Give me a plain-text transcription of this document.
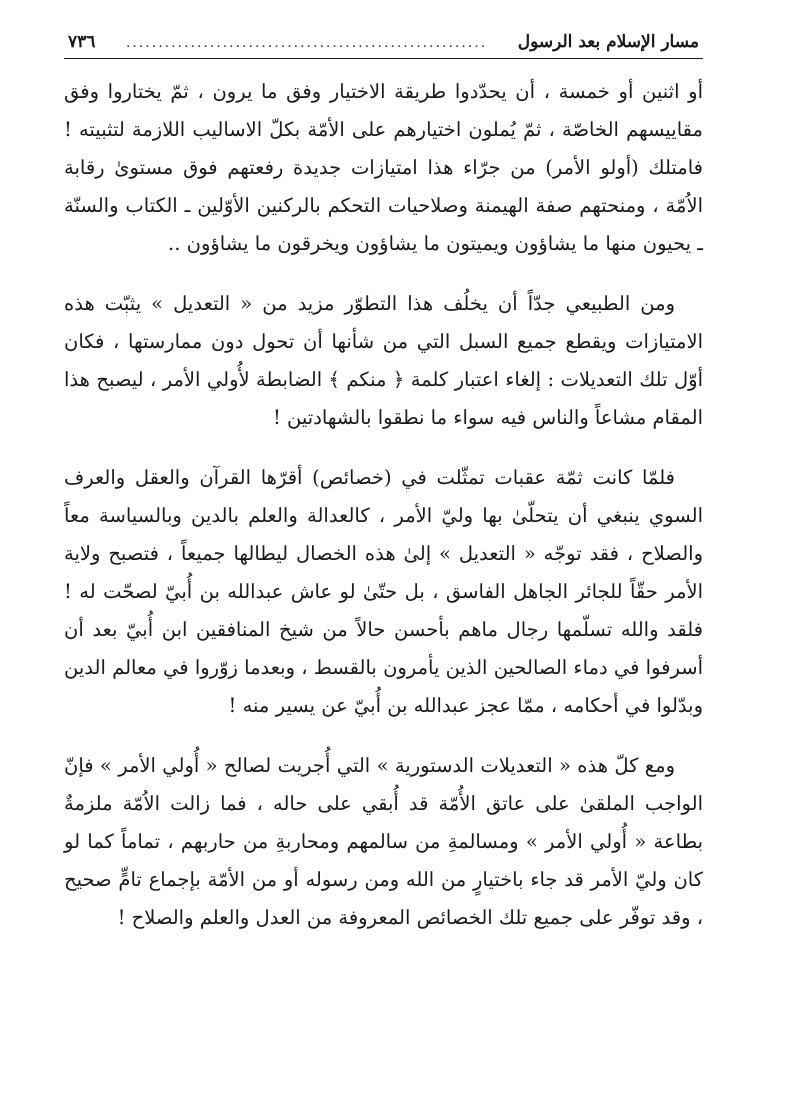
مسار الإسلام بعد الرسول
........................................................
٧٣٦

أو اثنين أو خمسة ، أن يحدّدوا طريقة الاختيار وفق ما يرون ، ثمّ يختاروا وفق مقاييسهم الخاصّة ، ثمّ يُملون اختيارهم على الأمّة بكلّ الاساليب اللازمة لتثبيته ! فامتلك (أولو الأمر) من جرّاء هذا امتيازات جديدة رفعتهم فوق مستوىٰ رقابة الاُمّة ، ومنحتهم صفة الهيمنة وصلاحيات التحكم بالركنين الأوّلين ـ الكتاب والسنّة ـ يحيون منها ما يشاؤون ويميتون ما يشاؤون ويخرقون ما يشاؤون ..

ومن الطبيعي جدّاً أن يخلُف هذا التطوّر مزيد من « التعديل » يثبّت هذه الامتيازات ويقطع جميع السبل التي من شأنها أن تحول دون ممارستها ، فكان أوّل تلك التعديلات : إلغاء اعتبار كلمة ﴿ منكم ﴾ الضابطة لأُولي الأمر ، ليصبح هذا المقام مشاعاً والناس فيه سواء ما نطقوا بالشهادتين !

فلمّا كانت ثمّة عقبات تمثّلت في (خصائص) أقرّها القرآن والعقل والعرف السوي ينبغي أن يتحلّىٰ بها وليّ الأمر ، كالعدالة والعلم بالدين وبالسياسة معاً والصلاح ، فقد توجّه « التعديل » إلىٰ هذه الخصال ليطالها جميعاً ، فتصبح ولاية الأمر حقّاً للجائر الجاهل الفاسق ، بل حتّىٰ لو عاش عبدالله بن أُبيّ لصحّت له ! فلقد والله تسلّمها رجال ماهم بأحسن حالاً من شيخ المنافقين ابن أُبيّ بعد أن أسرفوا في دماء الصالحين الذين يأمرون بالقسط ، وبعدما زوّروا في معالم الدين وبدّلوا في أحكامه ، ممّا عجز عبدالله بن أُبيّ عن يسير منه !

ومع كلّ هذه « التعديلات الدستورية » التي أُجريت لصالح « أُولي الأمر » فإنّ الواجب الملقىٰ على عاتق الأُمّة قد أُبقي على حاله ، فما زالت الاُمّة ملزمةٌ بطاعة « أُولي الأمر » ومسالمةِ من سالمهم ومحاربةِ من حاربهم ، تماماً كما لو كان وليّ الأمر قد جاء باختيارٍ من الله ومن رسوله أو من الأمّة بإجماع تامٍّ صحيح ، وقد توفّر على جميع تلك الخصائص المعروفة من العدل والعلم والصلاح !
